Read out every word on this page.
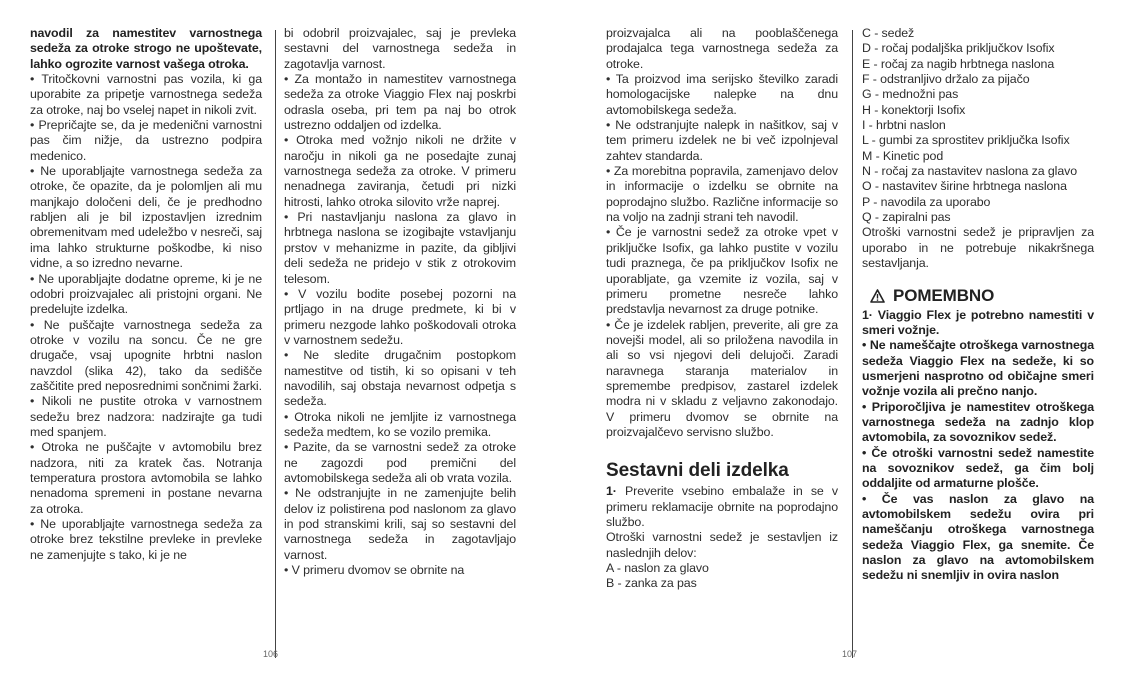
navodil za namestitev varnostnega sedeža za otroke strogo ne upoštevate, lahko ogrozite varnost vašega otroka.

• Tritočkovni varnostni pas vozila, ki ga uporabite za pripetje varnostnega sedeža za otroke, naj bo vselej napet in nikoli zvit.

• Prepričajte se, da je medenični varnostni pas čim nižje, da ustrezno podpira medenico.

• Ne uporabljajte varnostnega sedeža za otroke, če opazite, da je polomljen ali mu manjkajo določeni deli, če je predhodno rabljen ali je bil izpostavljen izrednim obremenitvam med udeležbo v nesreči, saj ima lahko strukturne poškodbe, ki niso vidne, a so izredno nevarne.

• Ne uporabljajte dodatne opreme, ki je ne odobri proizvajalec ali pristojni organi. Ne predelujte izdelka.

• Ne puščajte varnostnega sedeža za otroke v vozilu na soncu. Če ne gre drugače, vsaj upognite hrbtni naslon navzdol (slika 42), tako da sedišče zaščitite pred neposrednimi sončnimi žarki.

• Nikoli ne pustite otroka v varnostnem sedežu brez nadzora: nadzirajte ga tudi med spanjem.

• Otroka ne puščajte v avtomobilu brez nadzora, niti za kratek čas. Notranja temperatura prostora avtomobila se lahko nenadoma spremeni in postane nevarna za otroka.

• Ne uporabljajte varnostnega sedeža za otroke brez tekstilne prevleke in prevleke ne zamenjujte s tako, ki je ne

bi odobril proizvajalec, saj je prevleka sestavni del varnostnega sedeža in zagotavlja varnost.

• Za montažo in namestitev varnostnega sedeža za otroke Viaggio Flex naj poskrbi odrasla oseba, pri tem pa naj bo otrok ustrezno oddaljen od izdelka.

• Otroka med vožnjo nikoli ne držite v naročju in nikoli ga ne posedajte zunaj varnostnega sedeža za otroke. V primeru nenadnega zaviranja, četudi pri nizki hitrosti, lahko otroka silovito vrže naprej.

• Pri nastavljanju naslona za glavo in hrbtnega naslona se izogibajte vstavljanju prstov v mehanizme in pazite, da gibljivi deli sedeža ne pridejo v stik z otrokovim telesom.

• V vozilu bodite posebej pozorni na prtljago in na druge predmete, ki bi v primeru nezgode lahko poškodovali otroka v varnostnem sedežu.

• Ne sledite drugačnim postopkom namestitve od tistih, ki so opisani v teh navodilih, saj obstaja nevarnost odpetja s sedeža.

• Otroka nikoli ne jemljite iz varnostnega sedeža medtem, ko se vozilo premika.

• Pazite, da se varnostni sedež za otroke ne zagozdi pod premični del avtomobilskega sedeža ali ob vrata vozila.

• Ne odstranjujte in ne zamenjujte belih delov iz polistirena pod naslonom za glavo in pod stranskimi krili, saj so sestavni del varnostnega sedeža in zagotavljajo varnost.

• V primeru dvomov se obrnite na

106

proizvajalca ali na pooblaščenega prodajalca tega varnostnega sedeža za otroke.

• Ta proizvod ima serijsko številko zaradi homologacijske nalepke na dnu avtomobilskega sedeža.

• Ne odstranjujte nalepk in našitkov, saj v tem primeru izdelek ne bi več izpolnjeval zahtev standarda.

• Za morebitna popravila, zamenjavo delov in informacije o izdelku se obrnite na poprodajno službo. Različne informacije so na voljo na zadnji strani teh navodil.

• Če je varnostni sedež za otroke vpet v priključke Isofix, ga lahko pustite v vozilu tudi praznega, če pa priključkov Isofix ne uporabljate, ga vzemite iz vozila, saj v primeru prometne nesreče lahko predstavlja nevarnost za druge potnike.

• Če je izdelek rabljen, preverite, ali gre za novejši model, ali so priložena navodila in ali so vsi njegovi deli delujoči. Zaradi naravnega staranja materialov in spremembe predpisov, zastarel izdelek modra ni v skladu z veljavno zakonodajo. V primeru dvomov se obrnite na proizvajalčevo servisno službo.

Sestavni deli izdelka

1· Preverite vsebino embalaže in se v primeru reklamacije obrnite na poprodajno službo.

Otroški varnostni sedež je sestavljen iz naslednjih delov:

A - naslon za glavo

B - zanka za pas

107

C - sedež

D - ročaj podaljška priključkov Isofix

E - ročaj za nagib hrbtnega naslona

F - odstranljivo držalo za pijačo

G - mednožni pas

H - konektorji Isofix

I - hrbtni naslon

L - gumbi za sprostitev priključka Isofix

M - Kinetic pod

N - ročaj za nastavitev naslona za glavo

O - nastavitev širine hrbtnega naslona

P - navodila za uporabo

Q - zapiralni pas

Otroški varnostni sedež je pripravljen za uporabo in ne potrebuje nikakršnega sestavljanja.

POMEMBNO

1· Viaggio Flex je potrebno namestiti v smeri vožnje.

• Ne nameščajte otroškega varnostnega sedeža Viaggio Flex na sedeže, ki so usmerjeni nasprotno od običajne smeri vožnje vozila ali prečno nanjo.

• Priporočljiva je namestitev otroškega varnostnega sedeža na zadnjo klop avtomobila, za sovoznikov sedež.

• Če otroški varnostni sedež namestite na sovoznikov sedež, ga čim bolj oddaljite od armaturne plošče.

• Če vas naslon za glavo na avtomobilskem sedežu ovira pri nameščanju otroškega varnostnega sedeža Viaggio Flex, ga snemite. Če naslon za glavo na avtomobilskem sedežu ni snemljiv in ovira naslon
